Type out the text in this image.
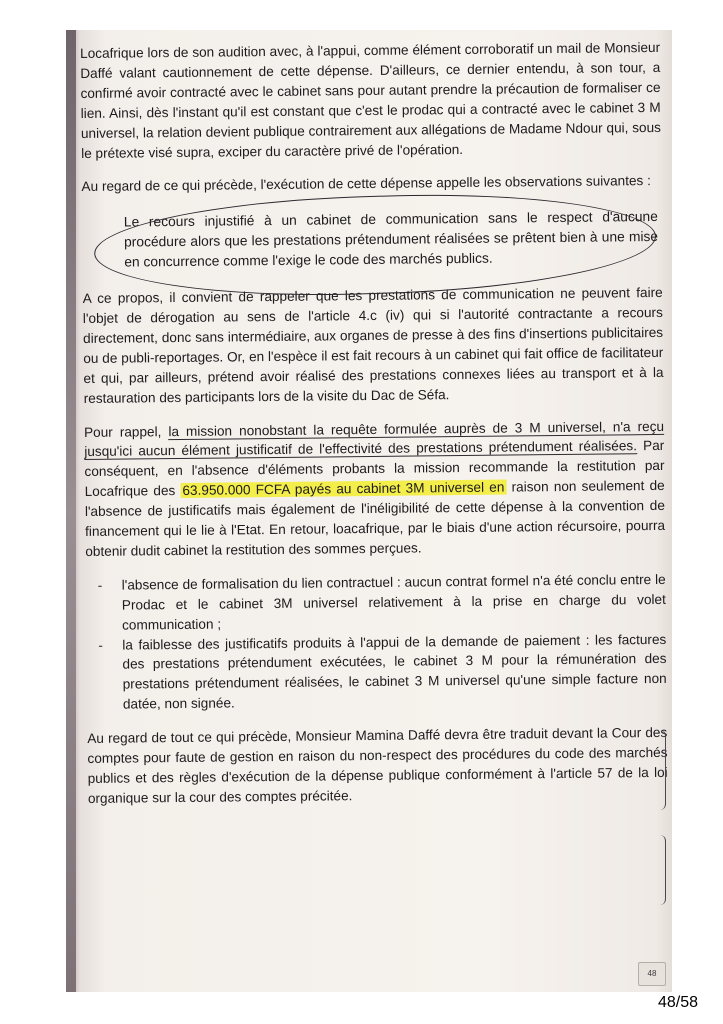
Locafrique lors de son audition avec, à l'appui, comme élément corroboratif un mail de Monsieur Daffé valant cautionnement de cette dépense. D'ailleurs, ce dernier entendu, à son tour, a confirmé avoir contracté avec le cabinet sans pour autant prendre la précaution de formaliser ce lien. Ainsi, dès l'instant qu'il est constant que c'est le prodac qui a contracté avec le cabinet 3 M universel, la relation devient publique contrairement aux allégations de Madame Ndour qui, sous le prétexte visé supra, exciper du caractère privé de l'opération.

Au regard de ce qui précède, l'exécution de cette dépense appelle les observations suivantes :

Le recours injustifié à un cabinet de communication sans le respect d'aucune procédure alors que les prestations prétendument réalisées se prêtent bien à une mise en concurrence comme l'exige le code des marchés publics.

A ce propos, il convient de rappeler que les prestations de communication ne peuvent faire l'objet de dérogation au sens de l'article 4.c (iv) qui si l'autorité contractante a recours directement, donc sans intermédiaire, aux organes de presse à des fins d'insertions publicitaires ou de publi-reportages. Or, en l'espèce il est fait recours à un cabinet qui fait office de facilitateur et qui, par ailleurs, prétend avoir réalisé des prestations connexes liées au transport et à la restauration des participants lors de la visite du Dac de Séfa.

Pour rappel, la mission nonobstant la requête formulée auprès de 3 M universel, n'a reçu jusqu'ici aucun élément justificatif de l'effectivité des prestations prétendument réalisées. Par conséquent, en l'absence d'éléments probants la mission recommande la restitution par Locafrique des 63.950.000 FCFA payés au cabinet 3M universel en raison non seulement de l'absence de justificatifs mais également de l'inéligibilité de cette dépense à la convention de financement qui le lie à l'Etat. En retour, loacafrique, par le biais d'une action récursoire, pourra obtenir dudit cabinet la restitution des sommes perçues.

-	l'absence de formalisation du lien contractuel : aucun contrat formel n'a été conclu entre le Prodac et le cabinet 3M universel relativement à la prise en charge du volet communication ;

-	la faiblesse des justificatifs produits à l'appui de la demande de paiement : les factures des prestations prétendument exécutées, le cabinet 3 M pour la rémunération des prestations prétendument réalisées, le cabinet 3 M universel qu'une simple facture non datée, non signée.

Au regard de tout ce qui précède, Monsieur Mamina Daffé devra être traduit devant la Cour des comptes pour faute de gestion en raison du non-respect des procédures du code des marchés publics et des règles d'exécution de la dépense publique conformément à l'article 57 de la loi organique sur la cour des comptes précitée.

48
48/58
